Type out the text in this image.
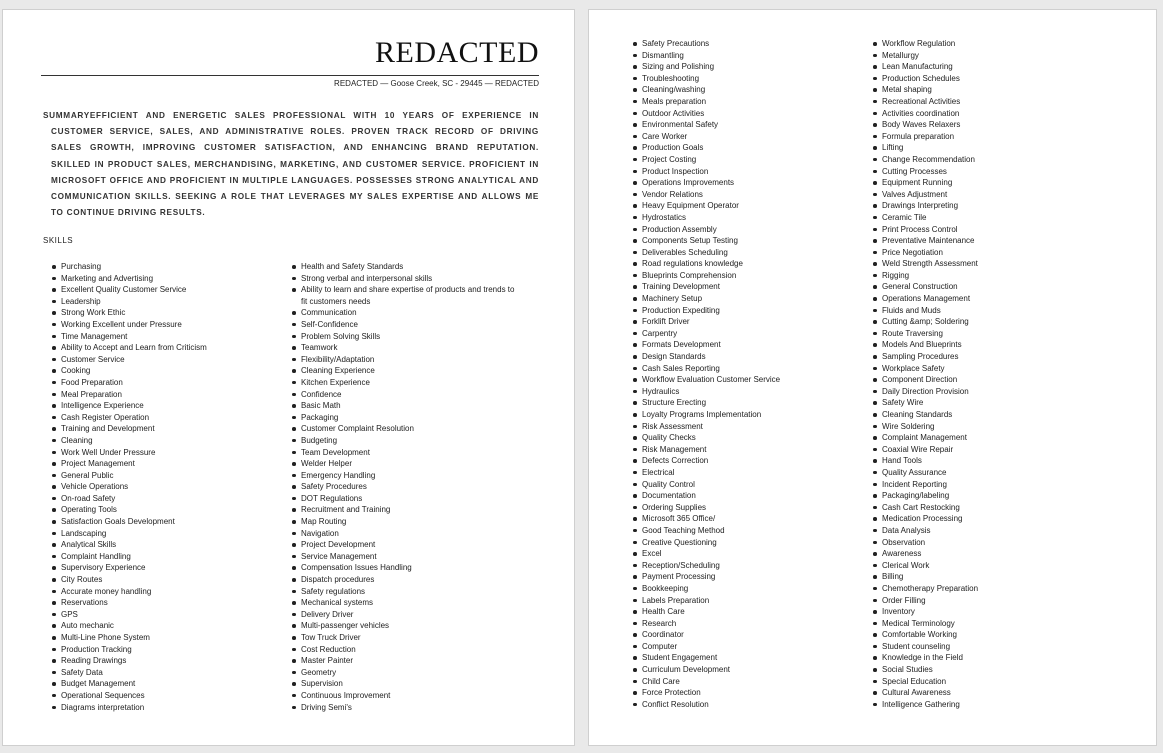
REDACTED
REDACTED — Goose Creek, SC - 29445 — REDACTED
SUMMARYEFFICIENT AND ENERGETIC SALES PROFESSIONAL WITH 10 YEARS OF EXPERIENCE IN CUSTOMER SERVICE, SALES, AND ADMINISTRATIVE ROLES. PROVEN TRACK RECORD OF DRIVING SALES GROWTH, IMPROVING CUSTOMER SATISFACTION, AND ENHANCING BRAND REPUTATION. SKILLED IN PRODUCT SALES, MERCHANDISING, MARKETING, AND CUSTOMER SERVICE. PROFICIENT IN MICROSOFT OFFICE AND PROFICIENT IN MULTIPLE LANGUAGES. POSSESSES STRONG ANALYTICAL AND COMMUNICATION SKILLS. SEEKING A ROLE THAT LEVERAGES MY SALES EXPERTISE AND ALLOWS ME TO CONTINUE DRIVING RESULTS.
SKILLS
Purchasing
Marketing and Advertising
Excellent Quality Customer Service
Leadership
Strong Work Ethic
Working Excellent under Pressure
Time Management
Ability to Accept and Learn from Criticism
Customer Service
Cooking
Food Preparation
Meal Preparation
Intelligence Experience
Cash Register Operation
Training and Development
Cleaning
Work Well Under Pressure
Project Management
General Public
Vehicle Operations
On-road Safety
Operating Tools
Satisfaction Goals Development
Landscaping
Analytical Skills
Complaint Handling
Supervisory Experience
City Routes
Accurate money handling
Reservations
GPS
Auto mechanic
Multi-Line Phone System
Production Tracking
Reading Drawings
Safety Data
Budget Management
Operational Sequences
Diagrams interpretation
Health and Safety Standards
Strong verbal and interpersonal skills
Ability to learn and share expertise of products and trends to fit customers needs
Communication
Self-Confidence
Problem Solving Skills
Teamwork
Flexibility/Adaptation
Cleaning Experience
Kitchen Experience
Confidence
Basic Math
Packaging
Customer Complaint Resolution
Budgeting
Team Development
Welder Helper
Emergency Handling
Safety Procedures
DOT Regulations
Recruitment and Training
Map Routing
Navigation
Project Development
Service Management
Compensation Issues Handling
Dispatch procedures
Safety regulations
Mechanical systems
Delivery Driver
Multi-passenger vehicles
Tow Truck Driver
Cost Reduction
Master Painter
Geometry
Supervision
Continuous Improvement
Driving Semi's
Safety Precautions
Dismantling
Sizing and Polishing
Troubleshooting
Cleaning/washing
Meals preparation
Outdoor Activities
Environmental Safety
Care Worker
Production Goals
Project Costing
Product Inspection
Operations Improvements
Vendor Relations
Heavy Equipment Operator
Hydrostatics
Production Assembly
Components Setup Testing
Deliverables Scheduling
Road regulations knowledge
Blueprints Comprehension
Training Development
Machinery Setup
Production Expediting
Forklift Driver
Carpentry
Formats Development
Design Standards
Cash Sales Reporting
Workflow Evaluation Customer Service
Hydraulics
Structure Erecting
Loyalty Programs Implementation
Risk Assessment
Quality Checks
Risk Management
Defects Correction
Electrical
Quality Control
Documentation
Ordering Supplies
Microsoft 365 Office/
Good Teaching Method
Creative Questioning
Excel
Reception/Scheduling
Payment Processing
Bookkeeping
Labels Preparation
Health Care
Research
Coordinator
Computer
Student Engagement
Curriculum Development
Child Care
Force Protection
Conflict Resolution
Workflow Regulation
Metallurgy
Lean Manufacturing
Production Schedules
Metal shaping
Recreational Activities
Activities coordination
Body Waves Relaxers
Formula preparation
Lifting
Change Recommendation
Cutting Processes
Equipment Running
Valves Adjustment
Drawings Interpreting
Ceramic Tile
Print Process Control
Preventative Maintenance
Price Negotiation
Weld Strength Assessment
Rigging
General Construction
Operations Management
Fluids and Muds
Cutting &amp; Soldering
Route Traversing
Models And Blueprints
Sampling Procedures
Workplace Safety
Component Direction
Daily Direction Provision
Safety Wire
Cleaning Standards
Wire Soldering
Complaint Management
Coaxial Wire Repair
Hand Tools
Quality Assurance
Incident Reporting
Packaging/labeling
Cash Cart Restocking
Medication Processing
Data Analysis
Observation
Awareness
Clerical Work
Billing
Chemotherapy Preparation
Order Filling
Inventory
Medical Terminology
Comfortable Working
Student counseling
Knowledge in the Field
Social Studies
Special Education
Cultural Awareness
Intelligence Gathering
